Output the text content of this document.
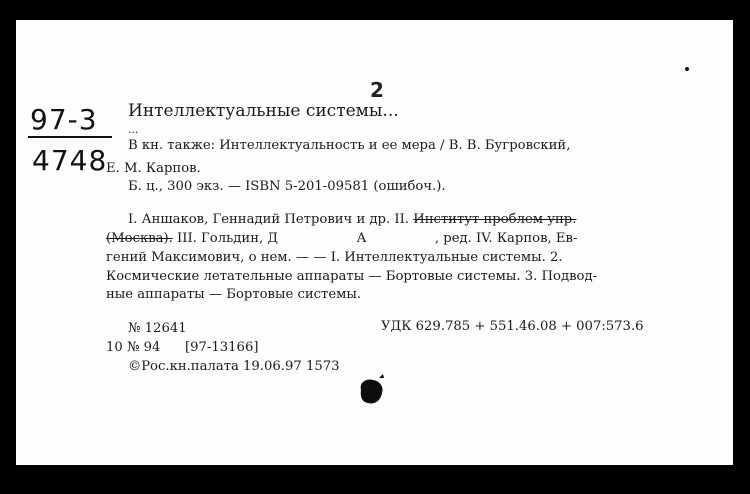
2
97-3
4748
Интеллектуальные системы...
...
В кн. также: Интеллектуальность и ее мера / В. В. Бугровский,
Е. М. Карпов.
Б. ц., 300 экз. — ISBN 5-201-09581 (ошибоч.).
I. Аншаков, Геннадий Петрович и др. II. Институт проблем упр.
(Москва). III. Гольдин, Д	А	, ред. IV. Карпов, Ев-
гений Максимович, о нем. — — I. Интеллектуальные системы. 2.
Космические летательные аппараты — Бортовые системы. 3. Подвод-
ные аппараты — Бортовые системы.
№ 12641	УДК 629.785 + 551.46.08 + 007:573.6
10 № 94 [97-13166]
©Рос.кн.палата 19.06.97 1573
